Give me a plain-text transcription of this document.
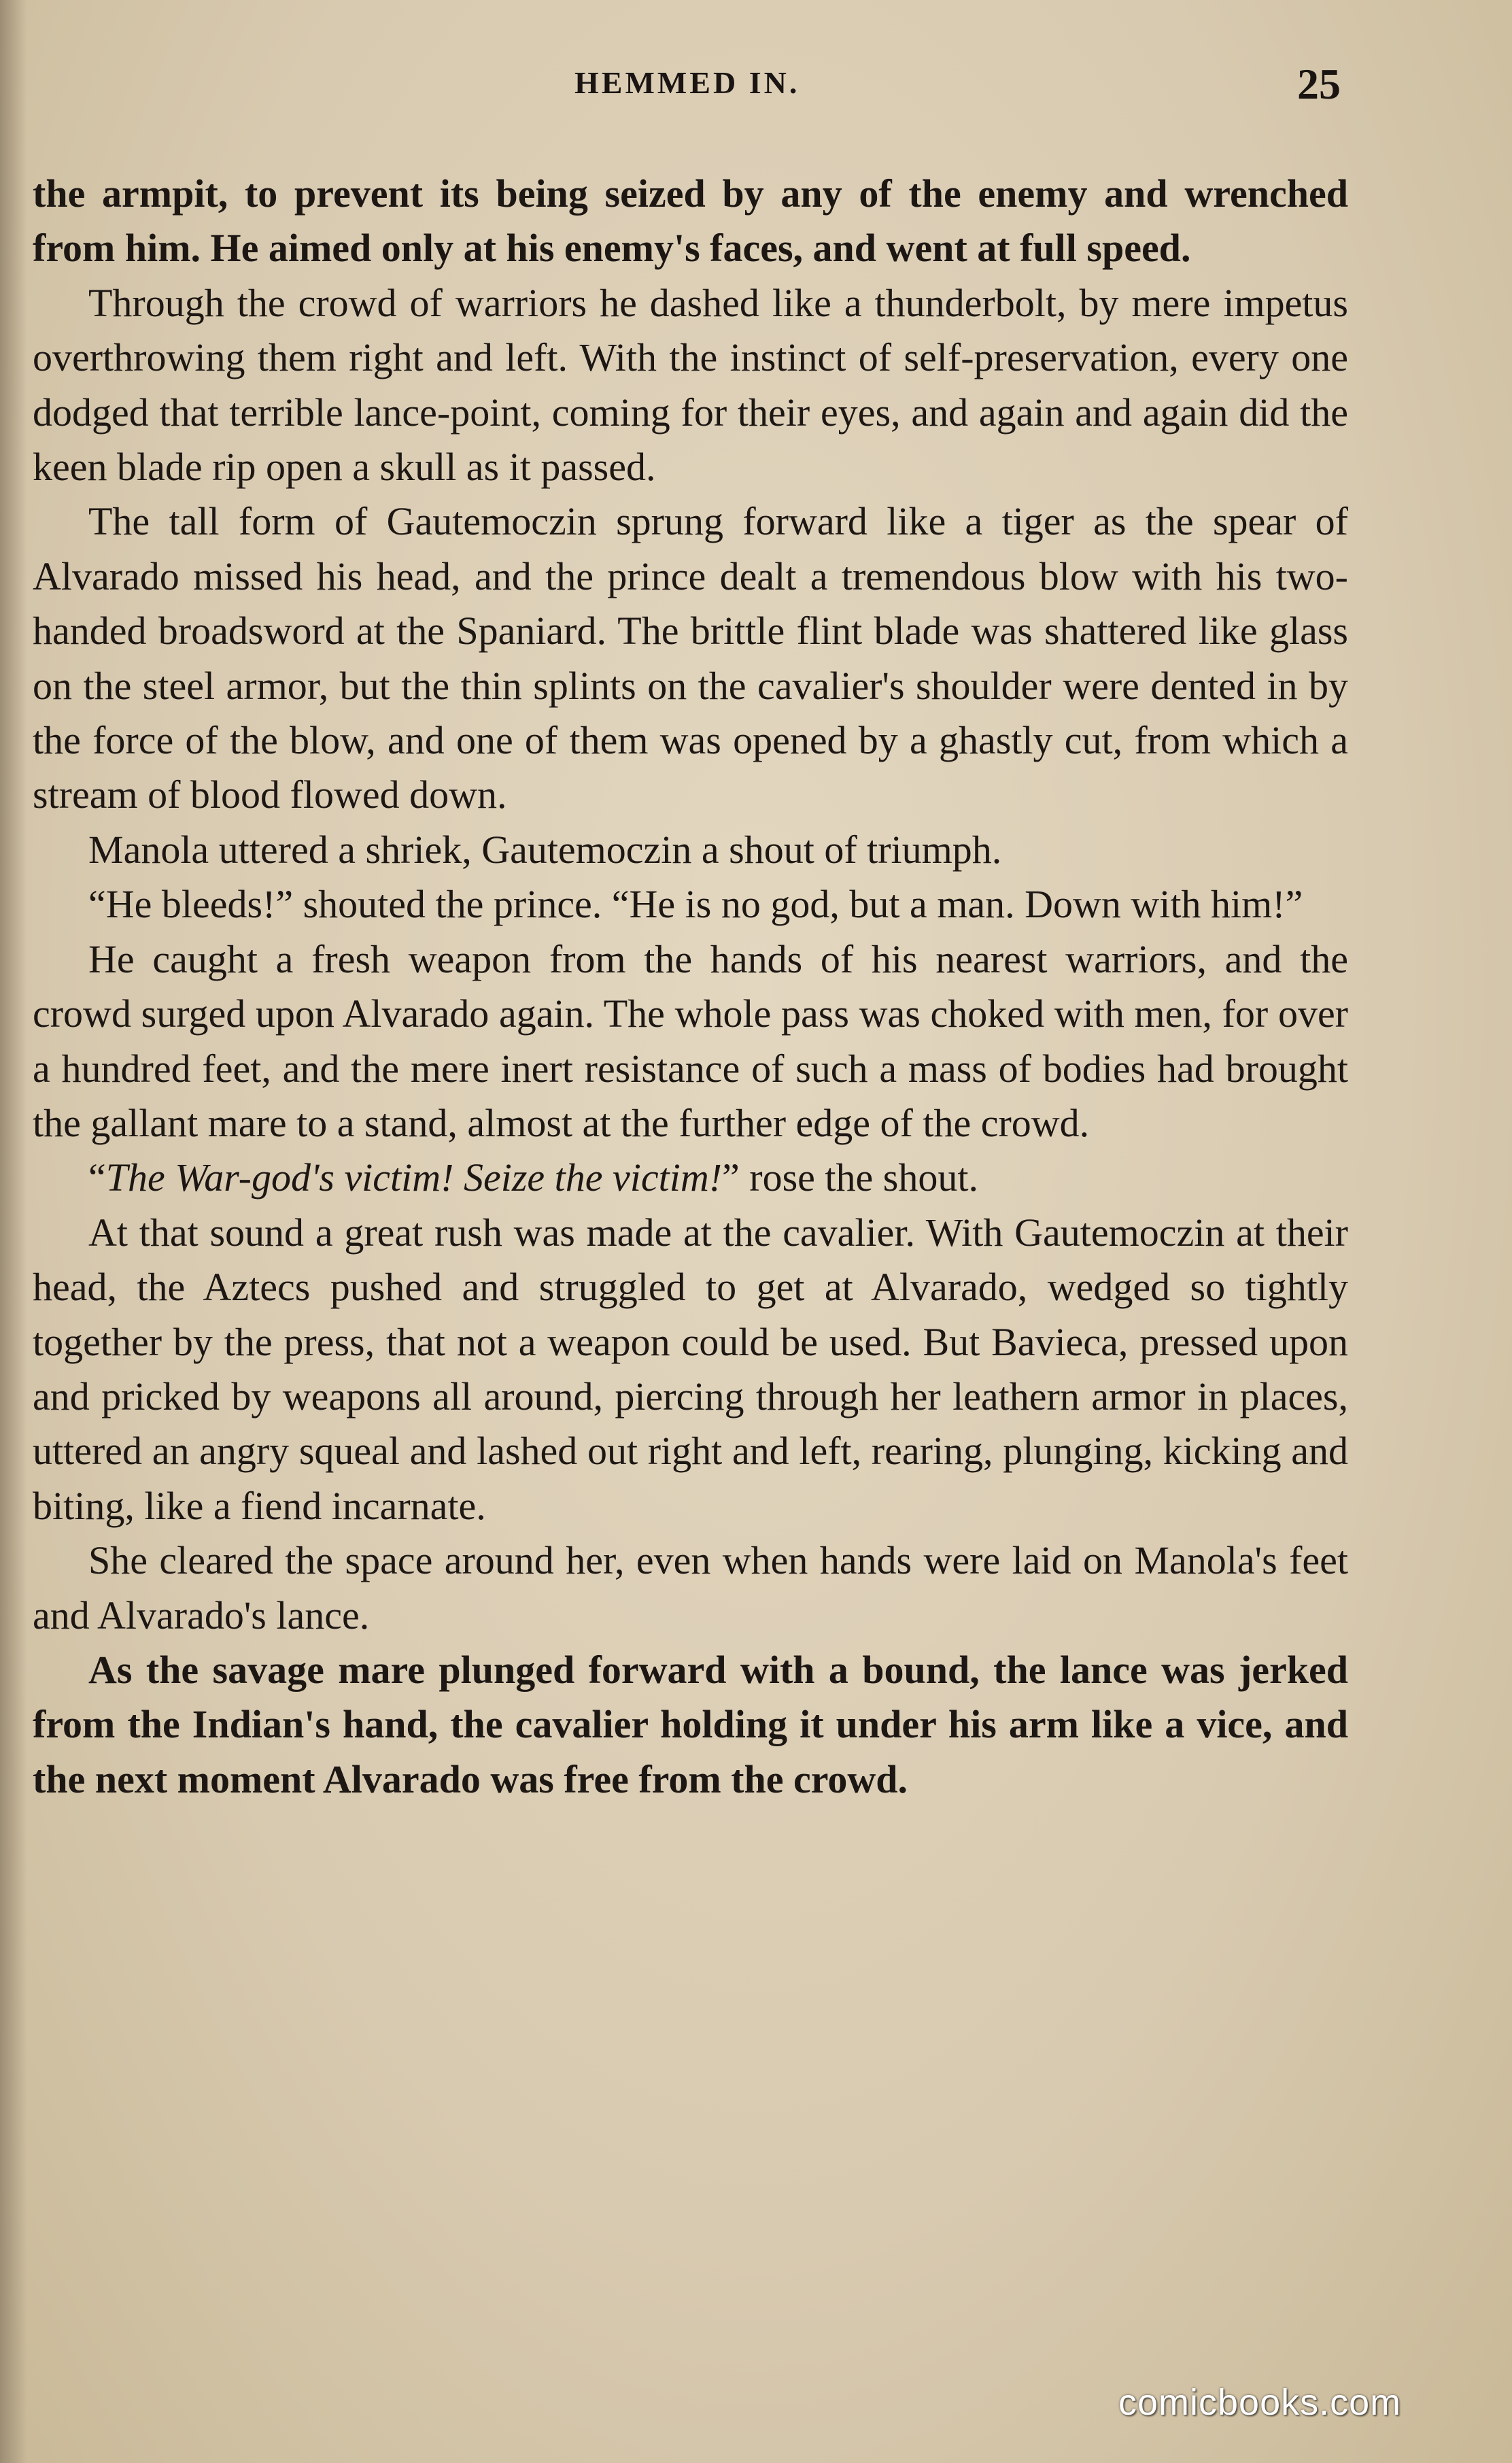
HEMMED IN.	25

the armpit, to prevent its being seized by any of the enemy and wrenched from him. He aimed only at his enemy's faces, and went at full speed.

Through the crowd of warriors he dashed like a thunderbolt, by mere impetus overthrowing them right and left. With the instinct of self-preservation, every one dodged that terrible lance-point, coming for their eyes, and again and again did the keen blade rip open a skull as it passed.

The tall form of Gautemoczin sprung forward like a tiger as the spear of Alvarado missed his head, and the prince dealt a tremendous blow with his two-handed broadsword at the Spaniard. The brittle flint blade was shattered like glass on the steel armor, but the thin splints on the cavalier's shoulder were dented in by the force of the blow, and one of them was opened by a ghastly cut, from which a stream of blood flowed down.

Manola uttered a shriek, Gautemoczin a shout of triumph.

“He bleeds!” shouted the prince. “He is no god, but a man. Down with him!”

He caught a fresh weapon from the hands of his nearest warriors, and the crowd surged upon Alvarado again. The whole pass was choked with men, for over a hundred feet, and the mere inert resistance of such a mass of bodies had brought the gallant mare to a stand, almost at the further edge of the crowd.

“The War-god's victim! Seize the victim!” rose the shout.

At that sound a great rush was made at the cavalier. With Gautemoczin at their head, the Aztecs pushed and struggled to get at Alvarado, wedged so tightly together by the press, that not a weapon could be used. But Bavieca, pressed upon and pricked by weapons all around, piercing through her leathern armor in places, uttered an angry squeal and lashed out right and left, rearing, plunging, kicking and biting, like a fiend incarnate.

She cleared the space around her, even when hands were laid on Manola's feet and Alvarado's lance.

As the savage mare plunged forward with a bound, the lance was jerked from the Indian's hand, the cavalier holding it under his arm like a vice, and the next moment Alvarado was free from the crowd.

comicbooks.com
